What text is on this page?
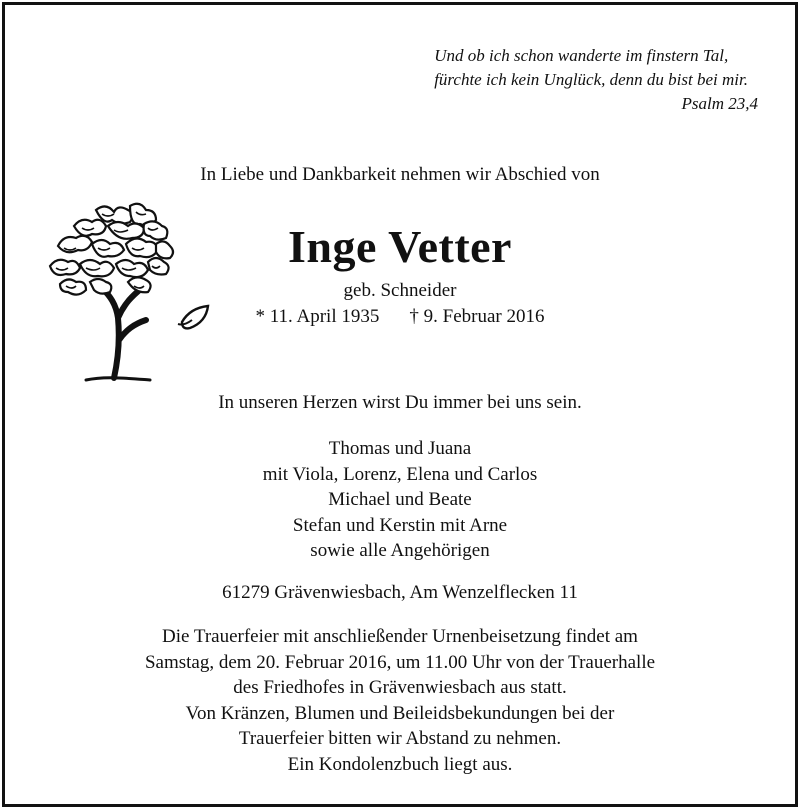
Und ob ich schon wanderte im finstern Tal,
fürchte ich kein Unglück, denn du bist bei mir.
Psalm 23,4
In Liebe und Dankbarkeit nehmen wir Abschied von
Inge Vetter
geb. Schneider
* 11. April 1935 † 9. Februar 2016
In unseren Herzen wirst Du immer bei uns sein.
Thomas und Juana
mit Viola, Lorenz, Elena und Carlos
Michael und Beate
Stefan und Kerstin mit Arne
sowie alle Angehörigen
61279 Grävenwiesbach, Am Wenzelflecken 11
Die Trauerfeier mit anschließender Urnenbeisetzung findet am
Samstag, dem 20. Februar 2016, um 11.00 Uhr von der Trauerhalle
des Friedhofes in Grävenwiesbach aus statt.
Von Kränzen, Blumen und Beileidsbekundungen bei der
Trauerfeier bitten wir Abstand zu nehmen.
Ein Kondolenzbuch liegt aus.
